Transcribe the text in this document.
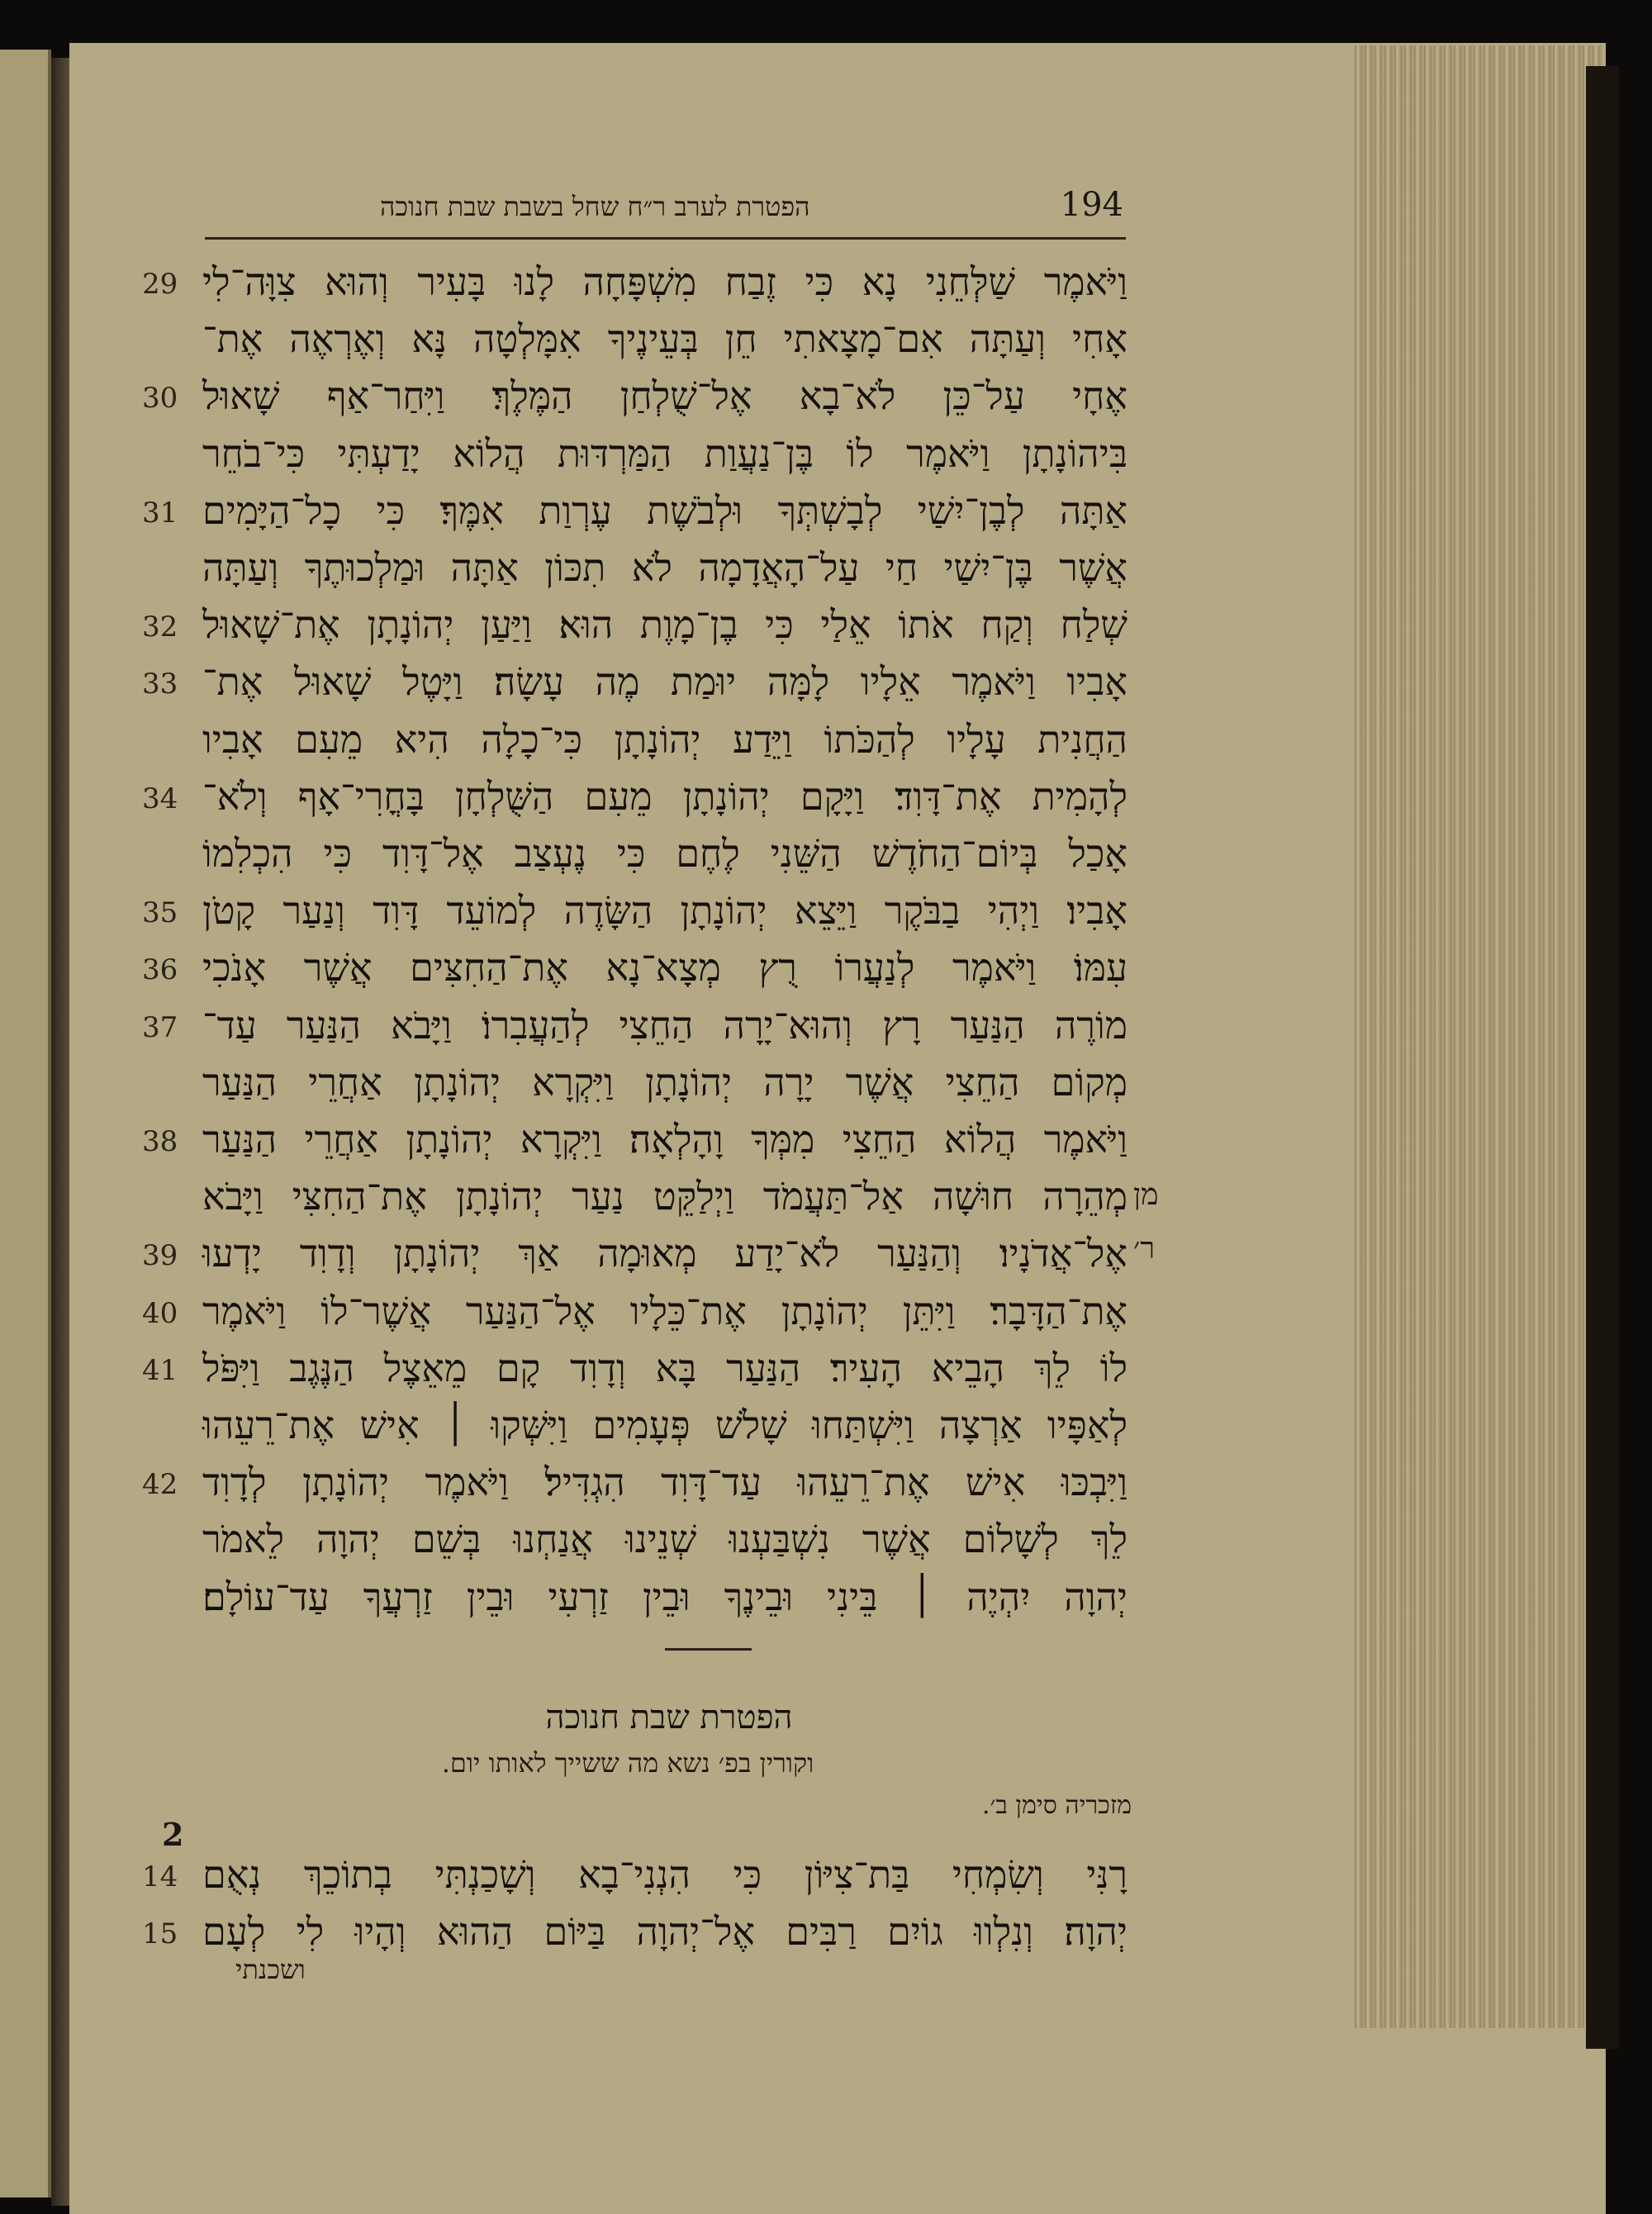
194
הפטרת לערב ר״ח שחל בשבת שבת חנוכה
וַיֹּאמֶר שַׁלְּחֵנִי נָא כִּי זֶבַח מִשְׁפָּחָה לָנוּ בָּעִיר וְהוּא צִוָּה־לִי
אָחִי וְעַתָּה אִם־מָצָאתִי חֵן בְּעֵינֶיךָ אִמָּלְטָה נָּא וְאֶרְאֶה אֶת־
אֶחָי עַל־כֵּן לֹא־בָא אֶל־שֻׁלְחַן הַמֶּלֶךְ׃ וַיִּחַר־אַף שָׁאוּל
בִּיהוֹנָתָן וַיֹּאמֶר לוֹ בֶּן־נַעֲוַת הַמַּרְדּוּת הֲלוֹא יָדַעְתִּי כִּי־בֹחֵר
אַתָּה לְבֶן־יִשַׁי לְבָשְׁתְּךָ וּלְבֹשֶׁת עֶרְוַת אִמֶּךָ׃ כִּי כָל־הַיָּמִים
אֲשֶׁר בֶּן־יִשַׁי חַי עַל־הָאֲדָמָה לֹא תִכּוֹן אַתָּה וּמַלְכוּתֶךָ וְעַתָּה
שְׁלַח וְקַח אֹתוֹ אֵלַי כִּי בֶן־מָוֶת הוּא׃ וַיַּעַן יְהוֹנָתָן אֶת־שָׁאוּל
אָבִיו וַיֹּאמֶר אֵלָיו לָמָּה יוּמַת מֶה עָשָׂה׃ וַיָּטֶל שָׁאוּל אֶת־
הַחֲנִית עָלָיו לְהַכֹּתוֹ וַיֵּדַע יְהוֹנָתָן כִּי־כָלָה הִיא מֵעִם אָבִיו
לְהָמִית אֶת־דָּוִד׃ וַיָּקָם יְהוֹנָתָן מֵעִם הַשֻּׁלְחָן בָּחֳרִי־אָף וְלֹא־
אָכַל בְּיוֹם־הַחֹדֶשׁ הַשֵּׁנִי לֶחֶם כִּי נֶעְצַב אֶל־דָּוִד כִּי הִכְלִמוֹ
אָבִיו׃ וַיְהִי בַבֹּקֶר וַיֵּצֵא יְהוֹנָתָן הַשָּׂדֶה לְמוֹעֵד דָּוִד וְנַעַר קָטֹן
עִמּוֹ׃ וַיֹּאמֶר לְנַעֲרוֹ רֻץ מְצָא־נָא אֶת־הַחִצִּים אֲשֶׁר אָנֹכִי
מוֹרֶה הַנַּעַר רָץ וְהוּא־יָרָה הַחֵצִי לְהַעֲבִרוֹ׃ וַיָּבֹא הַנַּעַר עַד־
מְקוֹם הַחֵצִי אֲשֶׁר יָרָה יְהוֹנָתָן וַיִּקְרָא יְהוֹנָתָן אַחֲרֵי הַנַּעַר
וַיֹּאמֶר הֲלוֹא הַחֵצִי מִמְּךָ וָהָלְאָה׃ וַיִּקְרָא יְהוֹנָתָן אַחֲרֵי הַנַּעַר
מְהֵרָה חוּשָׁה אַל־תַּעֲמֹד וַיְלַקֵּט נַעַר יְהוֹנָתָן אֶת־הַחִצִּי וַיָּבֹא
אֶל־אֲדֹנָיו׃ וְהַנַּעַר לֹא־יָדַע מְאוּמָה אַךְ יְהוֹנָתָן וְדָוִד יָדְעוּ
אֶת־הַדָּבָר׃ וַיִּתֵּן יְהוֹנָתָן אֶת־כֵּלָיו אֶל־הַנַּעַר אֲשֶׁר־לוֹ וַיֹּאמֶר
לוֹ לֵךְ הָבֵיא הָעִיר׃ הַנַּעַר בָּא וְדָוִד קָם מֵאֵצֶל הַנֶּגֶב וַיִּפֹּל
לְאַפָּיו אַרְצָה וַיִּשְׁתַּחוּ שָׁלֹשׁ פְּעָמִים וַיִּשְּׁקוּ ׀ אִישׁ אֶת־רֵעֵהוּ
וַיִּבְכּוּ אִישׁ אֶת־רֵעֵהוּ עַד־דָּוִד הִגְדִּיל׃ וַיֹּאמֶר יְהוֹנָתָן לְדָוִד
לֵךְ לְשָׁלוֹם אֲשֶׁר נִשְׁבַּעְנוּ שְׁנֵינוּ אֲנַחְנוּ בְּשֵׁם יְהוָה לֵאמֹר
יְהוָה יִהְיֶה ׀ בֵּינִי וּבֵינֶךָ וּבֵין זַרְעִי וּבֵין זַרְעֲךָ עַד־עוֹלָם׃
29
30
31
32
33
34
35
36
37
38
39
40
41
42
מן
ר׳
רָנִּי וְשִׂמְחִי בַּת־צִיּוֹן כִּי הִנְנִי־בָא וְשָׁכַנְתִּי בְתוֹכֵךְ נְאֻם
יְהוָה׃ וְנִלְווּ גוֹיִם רַבִּים אֶל־יְהוָה בַּיּוֹם הַהוּא וְהָיוּ לִי לְעָם
14
15
הפטרת שבת חנוכה
וקורין בפ׳ נשא מה ששייך לאותו יום.
מזכריה סימן ב׳.
2
ושכנתי
